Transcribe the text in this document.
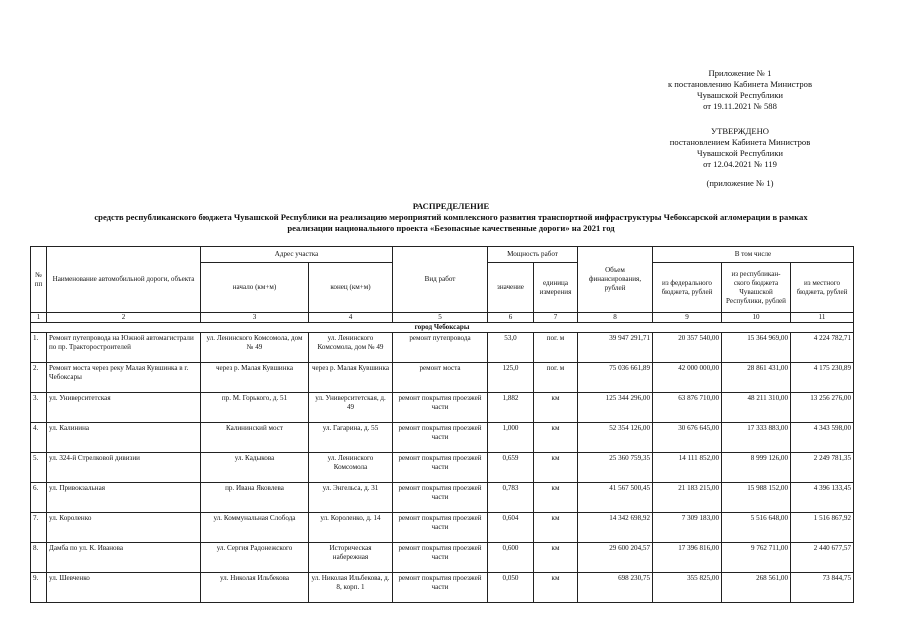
Приложение № 1
к постановлению Кабинета Министров
Чувашской Республики
от 19.11.2021 № 588
УТВЕРЖДЕНО
постановлением Кабинета Министров
Чувашской Республики
от 12.04.2021 № 119
(приложение № 1)
РАСПРЕДЕЛЕНИЕ
средств республиканского бюджета Чувашской Республики на реализацию мероприятий комплексного развития транспортной инфраструктуры Чебоксарской агломерации в рамках
реализации национального проекта «Безопасные качественные дороги» на 2021 год
№ пп	Наименование автомобильной дороги, объекта	Адрес участка		Вид работ	Мощность работ		Объем финансирования, рублей	В том числе		
		начало (км+м)	конец (км+м)		значение	единица измерения		из федерального бюджета, рублей	из республикан-ского бюджета Чувашской Республики, рублей	из местного бюджета, рублей
1	2	3	4	5	6	7	8	9	10	11
город Чебоксары										
1.	Ремонт путепровода на Южной автомагистрали по пр. Тракторостроителей	ул. Ленинского Комсомола, дом № 49	ул. Ленинского Комсомола, дом № 49	ремонт путепровода	53,0	пог. м	39 947 291,71	20 357 540,00	15 364 969,00	4 224 782,71
2.	Ремонт моста через реку Малая Кувшинка в г. Чебоксары	через р. Малая Кувшинка	через р. Малая Кувшинка	ремонт моста	125,0	пог. м	75 036 661,89	42 000 000,00	28 861 431,00	4 175 230,89
3.	ул. Университетская	пр. М. Горького, д. 51	ул. Университетская, д. 49	ремонт покрытия проезжей части	1,882	км	125 344 296,00	63 876 710,00	48 211 310,00	13 256 276,00
4.	ул. Калинина	Калининский мост	ул. Гагарина, д. 55	ремонт покрытия проезжей части	1,000	км	52 354 126,00	30 676 645,00	17 333 883,00	4 343 598,00
5.	ул. 324-й Стрелковой дивизии	ул. Кадыкова	ул. Ленинского Комсомола	ремонт покрытия проезжей части	0,659	км	25 360 759,35	14 111 852,00	8 999 126,00	2 249 781,35
6.	ул. Привокзальная	пр. Ивана Яковлева	ул. Энгельса, д. 31	ремонт покрытия проезжей части	0,783	км	41 567 500,45	21 183 215,00	15 988 152,00	4 396 133,45
7.	ул. Короленко	ул. Коммунальная Слобода	ул. Короленко, д. 14	ремонт покрытия проезжей части	0,604	км	14 342 698,92	7 309 183,00	5 516 648,00	1 516 867,92
8.	Дамба по ул. К. Иванова	ул. Сергия Радонежского	Историческая набережная	ремонт покрытия проезжей части	0,600	км	29 600 204,57	17 396 816,00	9 762 711,00	2 440 677,57
9.	ул. Шевченко	ул. Николая Ильбекова	ул. Николая Ильбекова, д. 8, корп. 1	ремонт покрытия проезжей части	0,050	км	698 230,75	355 825,00	268 561,00	73 844,75
